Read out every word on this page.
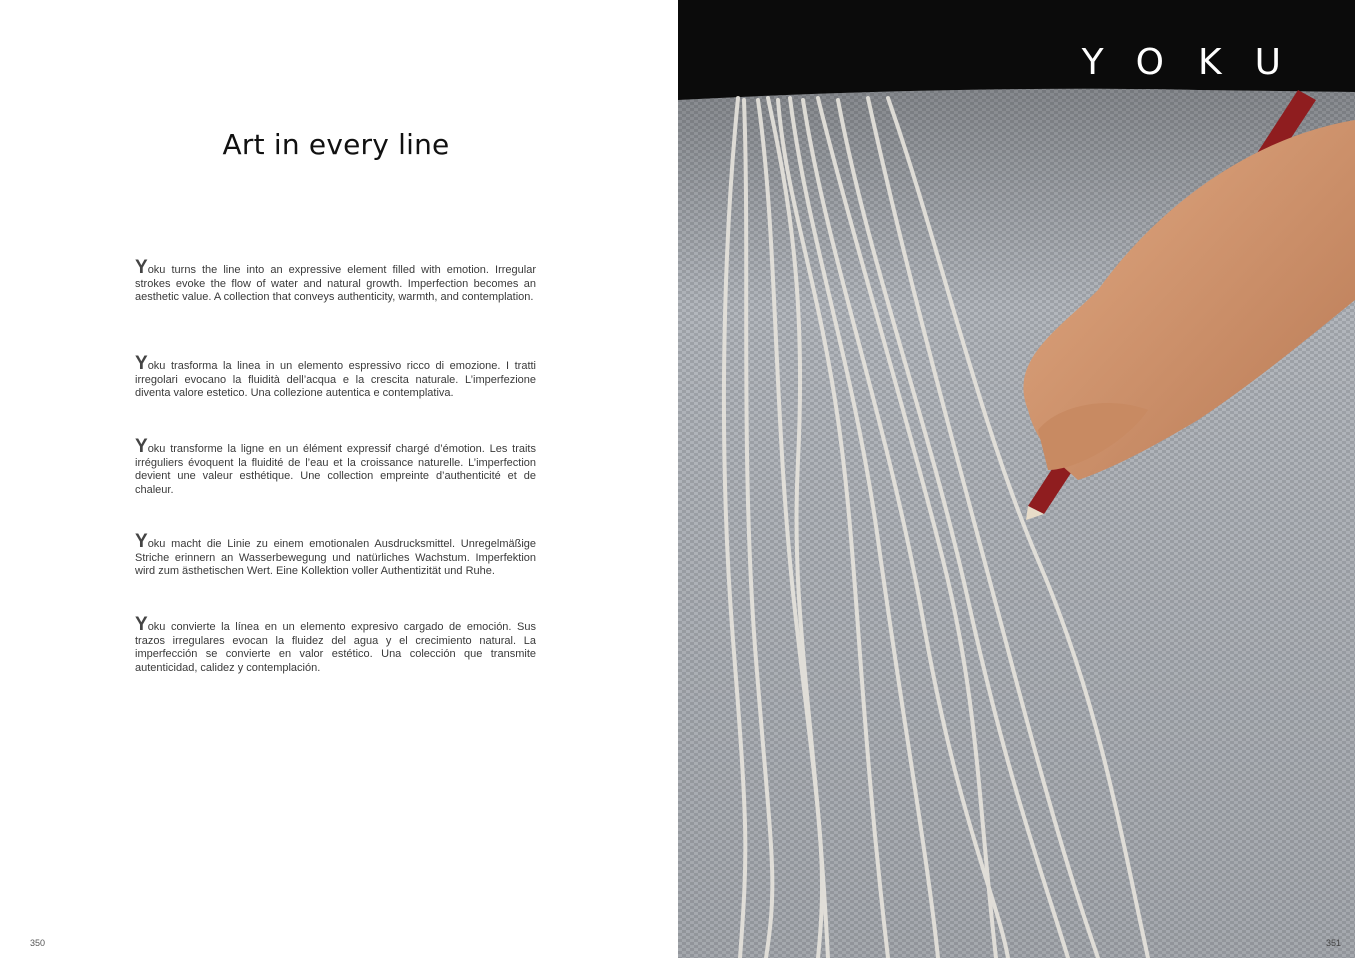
Art in every line

Yoku turns the line into an expressive element filled with emotion. Irregular strokes evoke the flow of water and natural growth. Imperfection becomes an aesthetic value. A collection that conveys authenticity, warmth, and contemplation.

Yoku trasforma la linea in un elemento espressivo ricco di emozione. I tratti irregolari evocano la fluidità dell’acqua e la crescita naturale. L’imperfezione diventa valore estetico. Una collezione autentica e contemplativa.

Yoku transforme la ligne en un élément expressif chargé d’émotion. Les traits irréguliers évoquent la fluidité de l’eau et la croissance naturelle. L’imperfection devient une valeur esthétique. Une collection empreinte d’authenticité et de chaleur.

Yoku macht die Linie zu einem emotionalen Ausdrucksmittel. Unregelmäßige Striche erinnern an Wasserbewegung und natürliches Wachstum. Imperfektion wird zum ästhetischen Wert. Eine Kollektion voller Authentizität und Ruhe.

Yoku convierte la línea en un elemento expresivo cargado de emoción. Sus trazos irregulares evocan la fluidez del agua y el crecimiento natural. La imperfección se convierte en valor estético. Una colección que transmite autenticidad, calidez y contemplación.

350
YOKU
351
